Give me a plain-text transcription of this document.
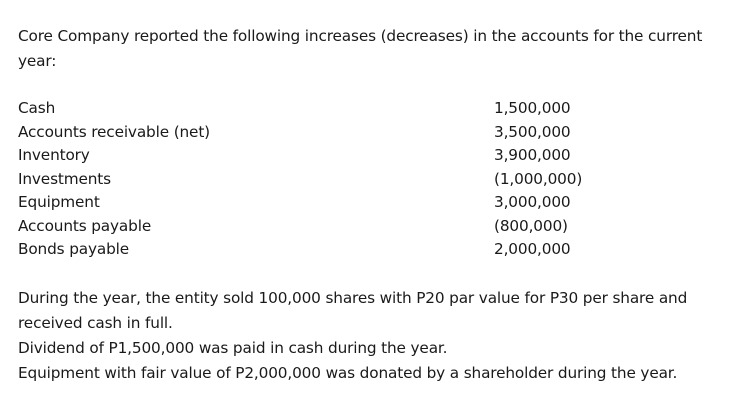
Core Company reported the following increases (decreases) in the accounts for the current year:

Cash	1,500,000
Accounts receivable (net)	3,500,000
Inventory	3,900,000
Investments	(1,000,000)
Equipment	3,000,000
Accounts payable	(800,000)
Bonds payable	2,000,000

During the year, the entity sold 100,000 shares with P20 par value for P30 per share and received cash in full.

Dividend of P1,500,000 was paid in cash during the year.

Equipment with fair value of P2,000,000 was donated by a shareholder during the year.
